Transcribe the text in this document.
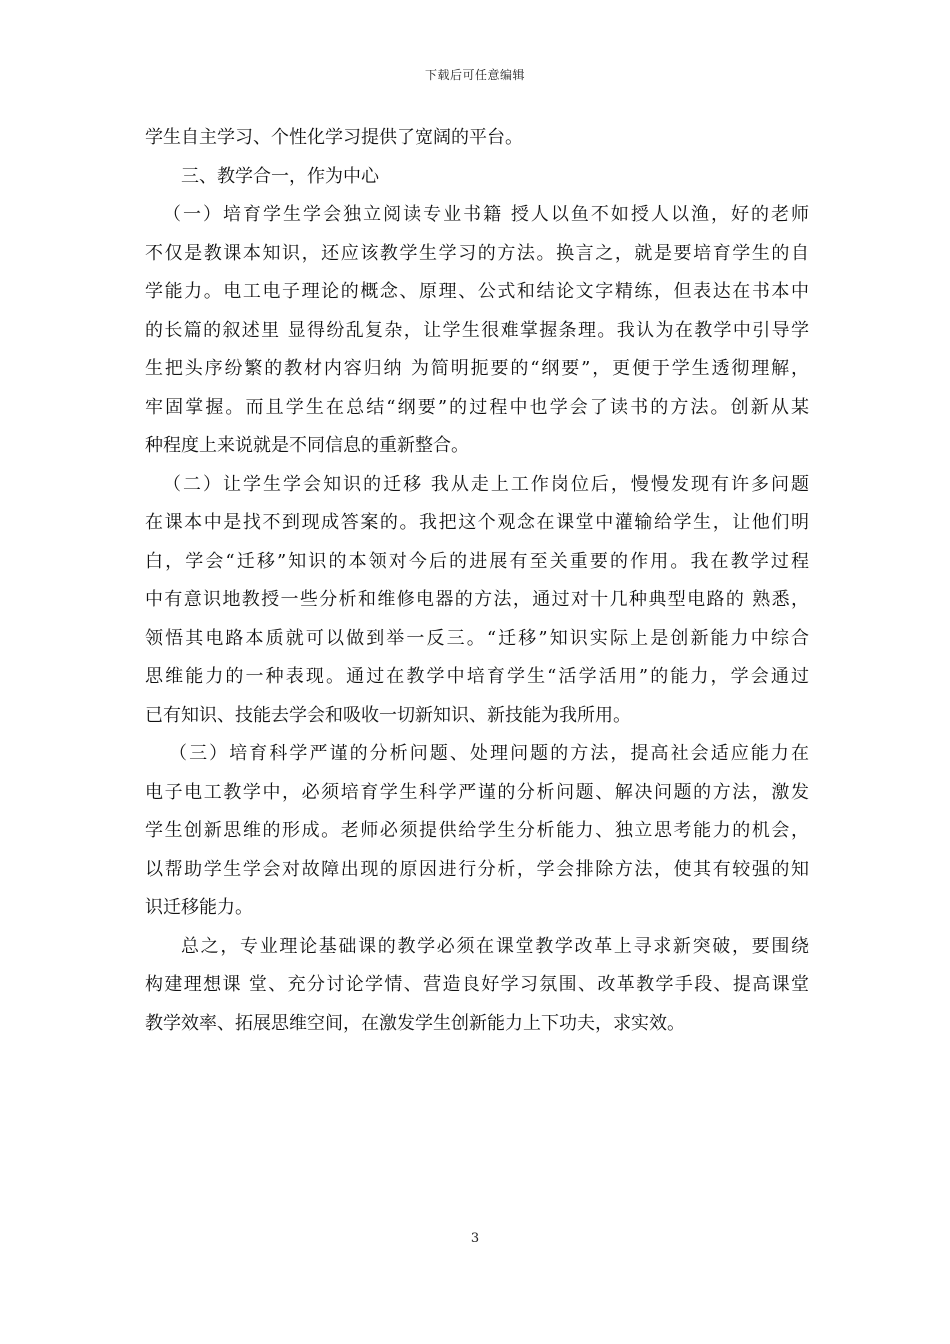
下载后可任意编辑
学生自主学习、个性化学习提供了宽阔的平台。
三、教学合一，作为中心
（一）培育学生学会独立阅读专业书籍 授人以鱼不如授人以渔，好的老师
不仅是教课本知识，还应该教学生学习的方法。换言之，就是要培育学生的自
学能力。电工电子理论的概念、原理、公式和结论文字精练，但表达在书本中
的长篇的叙述里 显得纷乱复杂，让学生很难掌握条理。我认为在教学中引导学
生把头序纷繁的教材内容归纳 为简明扼要的“纲要”，更便于学生透彻理解，
牢固掌握。而且学生在总结“纲要”的过程中也学会了读书的方法。创新从某
种程度上来说就是不同信息的重新整合。
（二）让学生学会知识的迁移 我从走上工作岗位后，慢慢发现有许多问题
在课本中是找不到现成答案的。我把这个观念在课堂中灌输给学生，让他们明
白，学会“迁移”知识的本领对今后的进展有至关重要的作用。我在教学过程
中有意识地教授一些分析和维修电器的方法，通过对十几种典型电路的 熟悉，
领悟其电路本质就可以做到举一反三。“迁移”知识实际上是创新能力中综合
思维能力的一种表现。通过在教学中培育学生“活学活用”的能力，学会通过
已有知识、技能去学会和吸收一切新知识、新技能为我所用。
（三）培育科学严谨的分析问题、处理问题的方法，提高社会适应能力在
电子电工教学中，必须培育学生科学严谨的分析问题、解决问题的方法，激发
学生创新思维的形成。老师必须提供给学生分析能力、独立思考能力的机会，
以帮助学生学会对故障出现的原因进行分析，学会排除方法，使其有较强的知
识迁移能力。
总之，专业理论基础课的教学必须在课堂教学改革上寻求新突破，要围绕
构建理想课 堂、充分讨论学情、营造良好学习氛围、改革教学手段、提高课堂
教学效率、拓展思维空间，在激发学生创新能力上下功夫，求实效。
3
